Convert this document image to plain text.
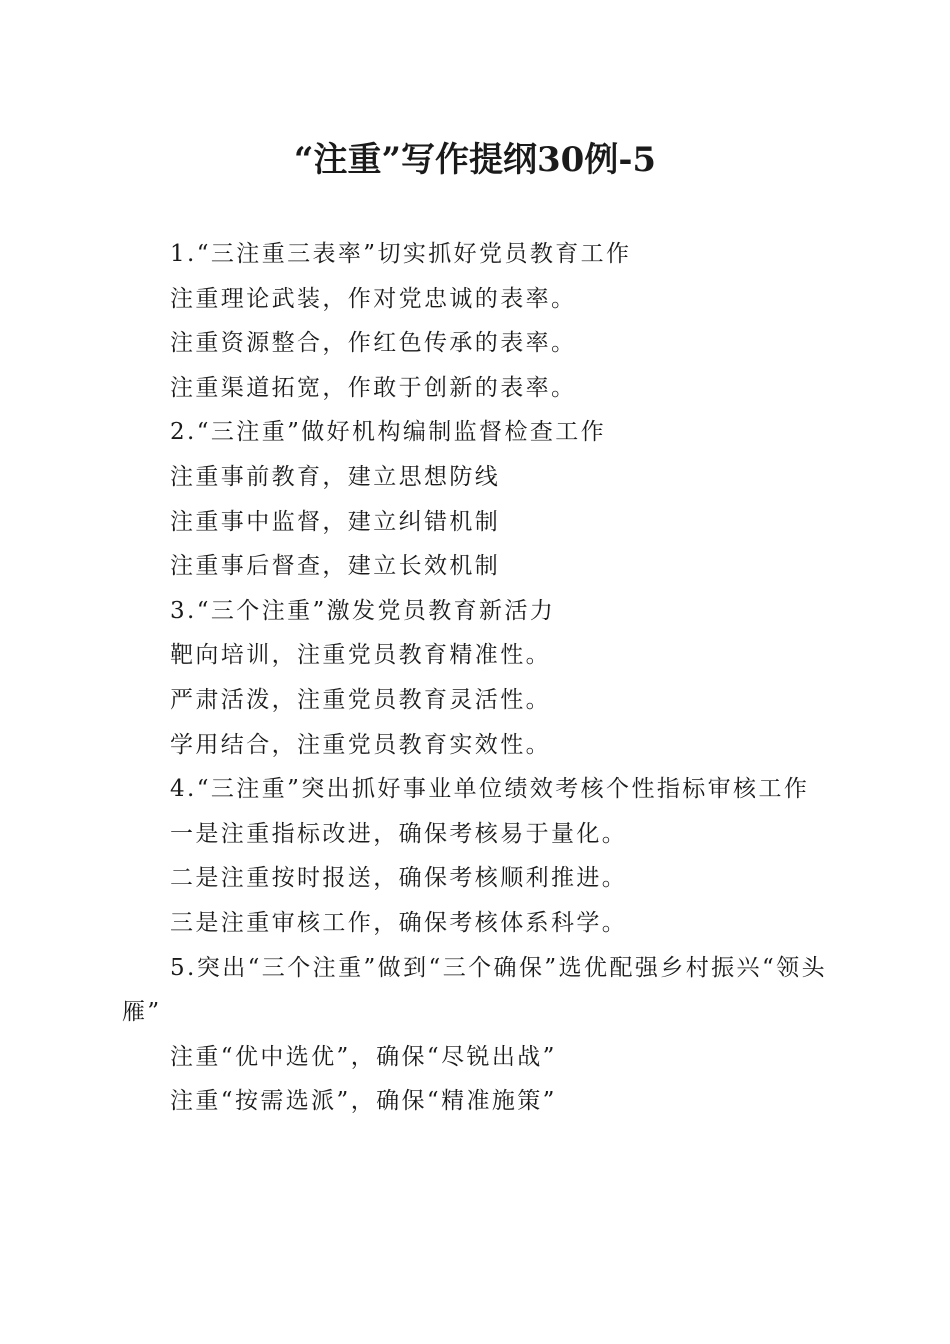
“注重”写作提纲30例-5

1.“三注重三表率”切实抓好党员教育工作

注重理论武装，作对党忠诚的表率。

注重资源整合，作红色传承的表率。

注重渠道拓宽，作敢于创新的表率。

2.“三注重”做好机构编制监督检查工作

注重事前教育，建立思想防线

注重事中监督，建立纠错机制

注重事后督查，建立长效机制

3.“三个注重”激发党员教育新活力

靶向培训，注重党员教育精准性。

严肃活泼，注重党员教育灵活性。

学用结合，注重党员教育实效性。

4.“三注重”突出抓好事业单位绩效考核个性指标审核工作

一是注重指标改进，确保考核易于量化。

二是注重按时报送，确保考核顺利推进。

三是注重审核工作，确保考核体系科学。

5.突出“三个注重”做到“三个确保”选优配强乡村振兴“领头雁”

注重“优中选优”，确保“尽锐出战”

注重“按需选派”，确保“精准施策”
